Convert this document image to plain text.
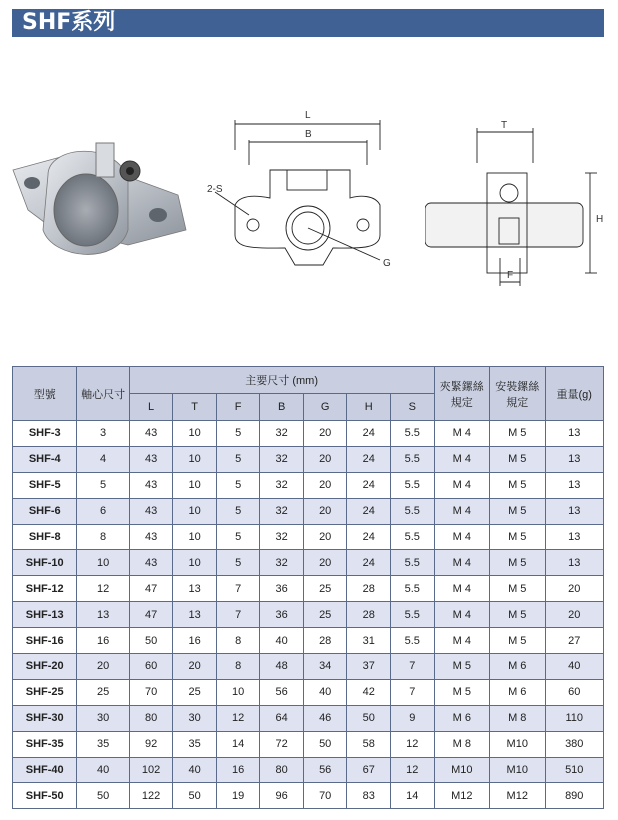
SHF系列
L
B
2-S
G
T
H
F
型號	軸心尺寸	主要尺寸 (mm)							夾緊鏍絲規定	安裝鏍絲規定	重量(g)
		L	T	F	B	G	H	S			
SHF-3	3	43	10	5	32	20	24	5.5	M 4	M 5	13
SHF-4	4	43	10	5	32	20	24	5.5	M 4	M 5	13
SHF-5	5	43	10	5	32	20	24	5.5	M 4	M 5	13
SHF-6	6	43	10	5	32	20	24	5.5	M 4	M 5	13
SHF-8	8	43	10	5	32	20	24	5.5	M 4	M 5	13
SHF-10	10	43	10	5	32	20	24	5.5	M 4	M 5	13
SHF-12	12	47	13	7	36	25	28	5.5	M 4	M 5	20
SHF-13	13	47	13	7	36	25	28	5.5	M 4	M 5	20
SHF-16	16	50	16	8	40	28	31	5.5	M 4	M 5	27
SHF-20	20	60	20	8	48	34	37	7	M 5	M 6	40
SHF-25	25	70	25	10	56	40	42	7	M 5	M 6	60
SHF-30	30	80	30	12	64	46	50	9	M 6	M 8	110
SHF-35	35	92	35	14	72	50	58	12	M 8	M10	380
SHF-40	40	102	40	16	80	56	67	12	M10	M10	510
SHF-50	50	122	50	19	96	70	83	14	M12	M12	890
